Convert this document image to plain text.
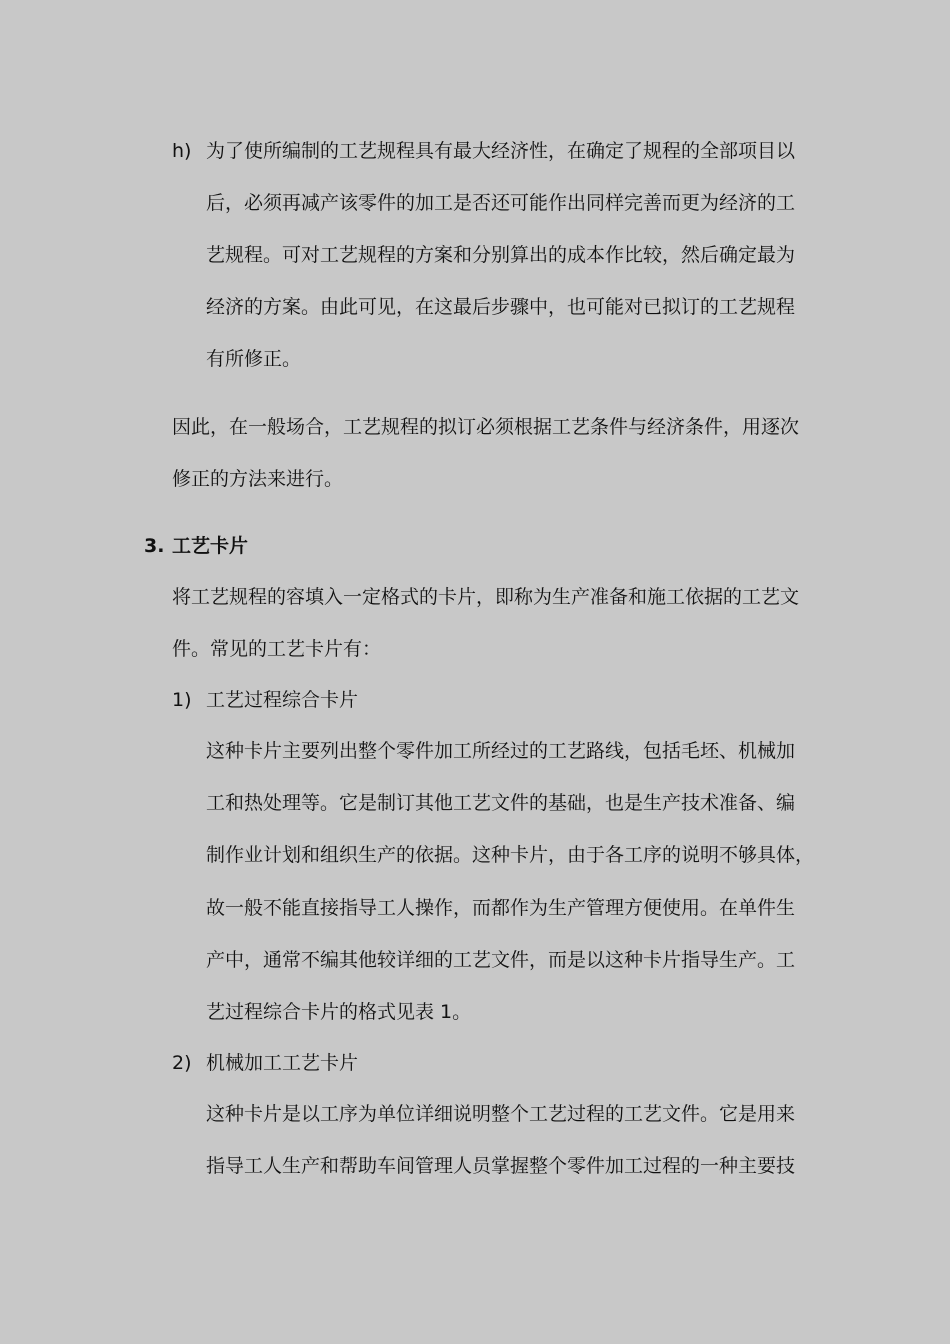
h) 为了使所编制的工艺规程具有最大经济性，在确定了规程的全部项目以
后，必须再减产该零件的加工是否还可能作出同样完善而更为经济的工
艺规程。可对工艺规程的方案和分别算出的成本作比较，然后确定最为
经济的方案。由此可见，在这最后步骤中，也可能对已拟订的工艺规程
有所修正。
因此，在一般场合，工艺规程的拟订必须根据工艺条件与经济条件，用逐次
修正的方法来进行。
3. 工艺卡片
将工艺规程的容填入一定格式的卡片，即称为生产准备和施工依据的工艺文
件。常见的工艺卡片有：
1) 工艺过程综合卡片
这种卡片主要列出整个零件加工所经过的工艺路线，包括毛坯、机械加
工和热处理等。它是制订其他工艺文件的基础，也是生产技术准备、编
制作业计划和组织生产的依据。这种卡片，由于各工序的说明不够具体，
故一般不能直接指导工人操作，而都作为生产管理方便使用。在单件生
产中，通常不编其他较详细的工艺文件，而是以这种卡片指导生产。工
艺过程综合卡片的格式见表 1。
2) 机械加工工艺卡片
这种卡片是以工序为单位详细说明整个工艺过程的工艺文件。它是用来
指导工人生产和帮助车间管理人员掌握整个零件加工过程的一种主要技
